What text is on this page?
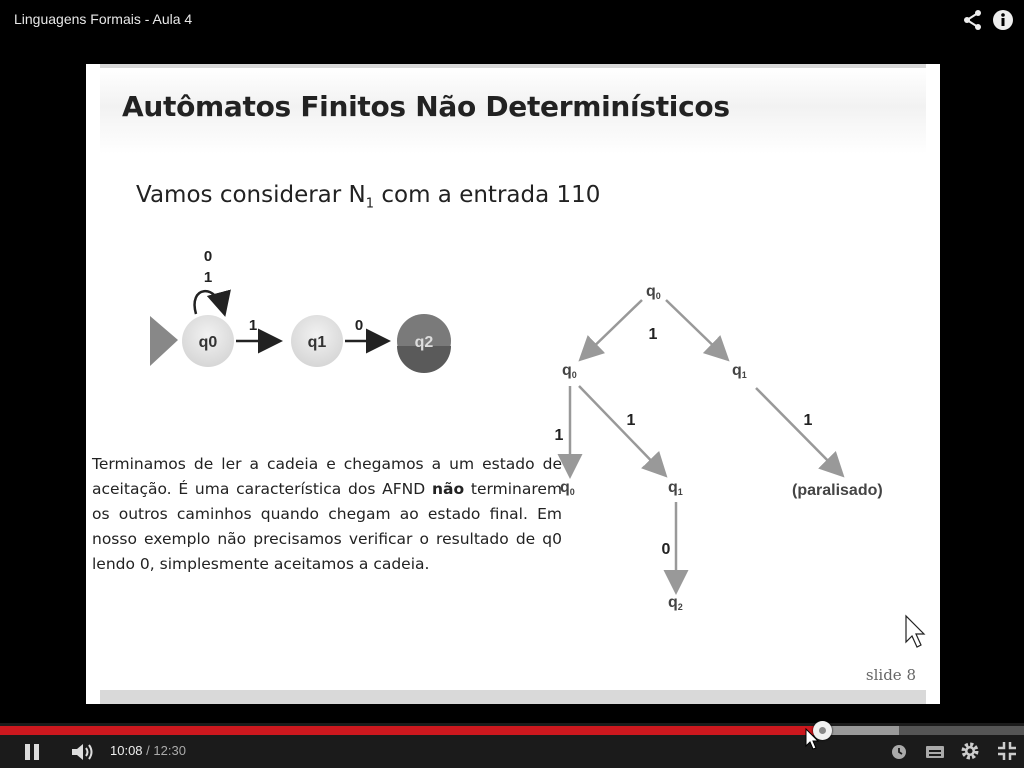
Linguagens Formais - Aula 4
Autômatos Finitos Não Determinísticos
Vamos considerar $N_1$ com a entrada 110
0
1
q0
1
q1
0
q2
q0
1
q0	q1
1
1	1
q0	q1	(paralisado)
0
q2
Terminamos de ler a cadeia e chegamos a um estado de aceitação. É uma característica dos AFND não terminarem os outros caminhos quando chegam ao estado final. Em nosso exemplo não precisamos verificar o resultado de q0 lendo 0, simplesmente aceitamos a cadeia.
slide 8
10:08 / 12:30
